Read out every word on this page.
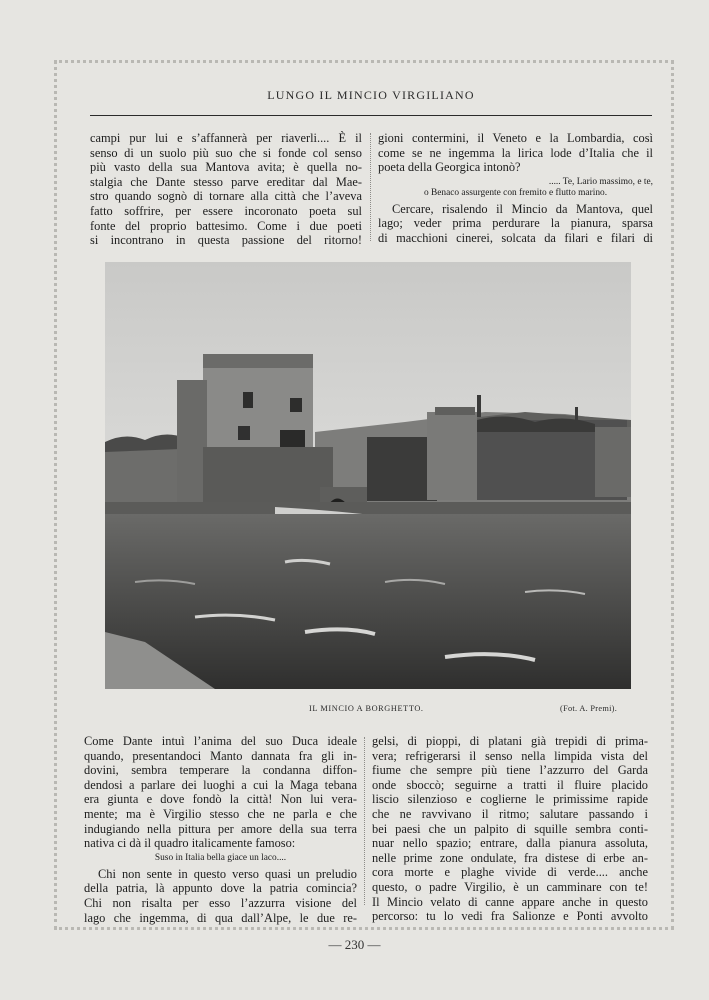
LUNGO IL MINCIO VIRGILIANO
campi pur lui e s’affannerà per riaverli.... È il
senso di un suolo più suo che si fonde col senso
più vasto della sua Mantova avita; è quella no-
stalgia che Dante stesso parve ereditar dal Mae-
stro quando sognò di tornare alla città che l’aveva
fatto soffrire, per essere incoronato poeta sul
fonte del proprio battesimo. Come i due poeti
si incontrano in questa passione del ritorno!
gioni contermini, il Veneto e la Lombardia, così
come se ne ingemma la lirica lode d’Italia che il
poeta della Georgica intonò?
..... Te, Lario massimo, e te,
o Benaco assurgente con fremito e flutto marino.
Cercare, risalendo il Mincio da Mantova, quel
lago; veder prima perdurare la pianura, sparsa
di macchioni cinerei, solcata da filari e filari di
IL MINCIO A BORGHETTO.	(Fot. A. Premi).
Come Dante intuì l’anima del suo Duca ideale
quando, presentandoci Manto dannata fra gli in-
dovini, sembra temperare la condanna diffon-
dendosi a parlare dei luoghi a cui la Maga tebana
era giunta e dove fondò la città! Non lui vera-
mente; ma è Virgilio stesso che ne parla e che
indugiando nella pittura per amore della sua terra
nativa ci dà il quadro italicamente famoso:
Suso in Italia bella giace un laco....
Chi non sente in questo verso quasi un preludio
della patria, là appunto dove la patria comincia?
Chi non risalta per esso l’azzurra visione del
lago che ingemma, di qua dall’Alpe, le due re-
gelsi, di pioppi, di platani già trepidi di prima-
vera; refrigerarsi il senso nella limpida vista del
fiume che sempre più tiene l’azzurro del Garda
onde sboccò; seguirne a tratti il fluire placido
liscio silenzioso e coglierne le primissime rapide
che ne ravvivano il ritmo; salutare passando i
bei paesi che un palpito di squille sembra conti-
nuar nello spazio; entrare, dalla pianura assoluta,
nelle prime zone ondulate, fra distese di erbe an-
cora morte e plaghe vivide di verde.... anche
questo, o padre Virgilio, è un camminare con te!
Il Mincio velato di canne appare anche in questo
percorso: tu lo vedi fra Salionze e Ponti avvolto
— 230 —
